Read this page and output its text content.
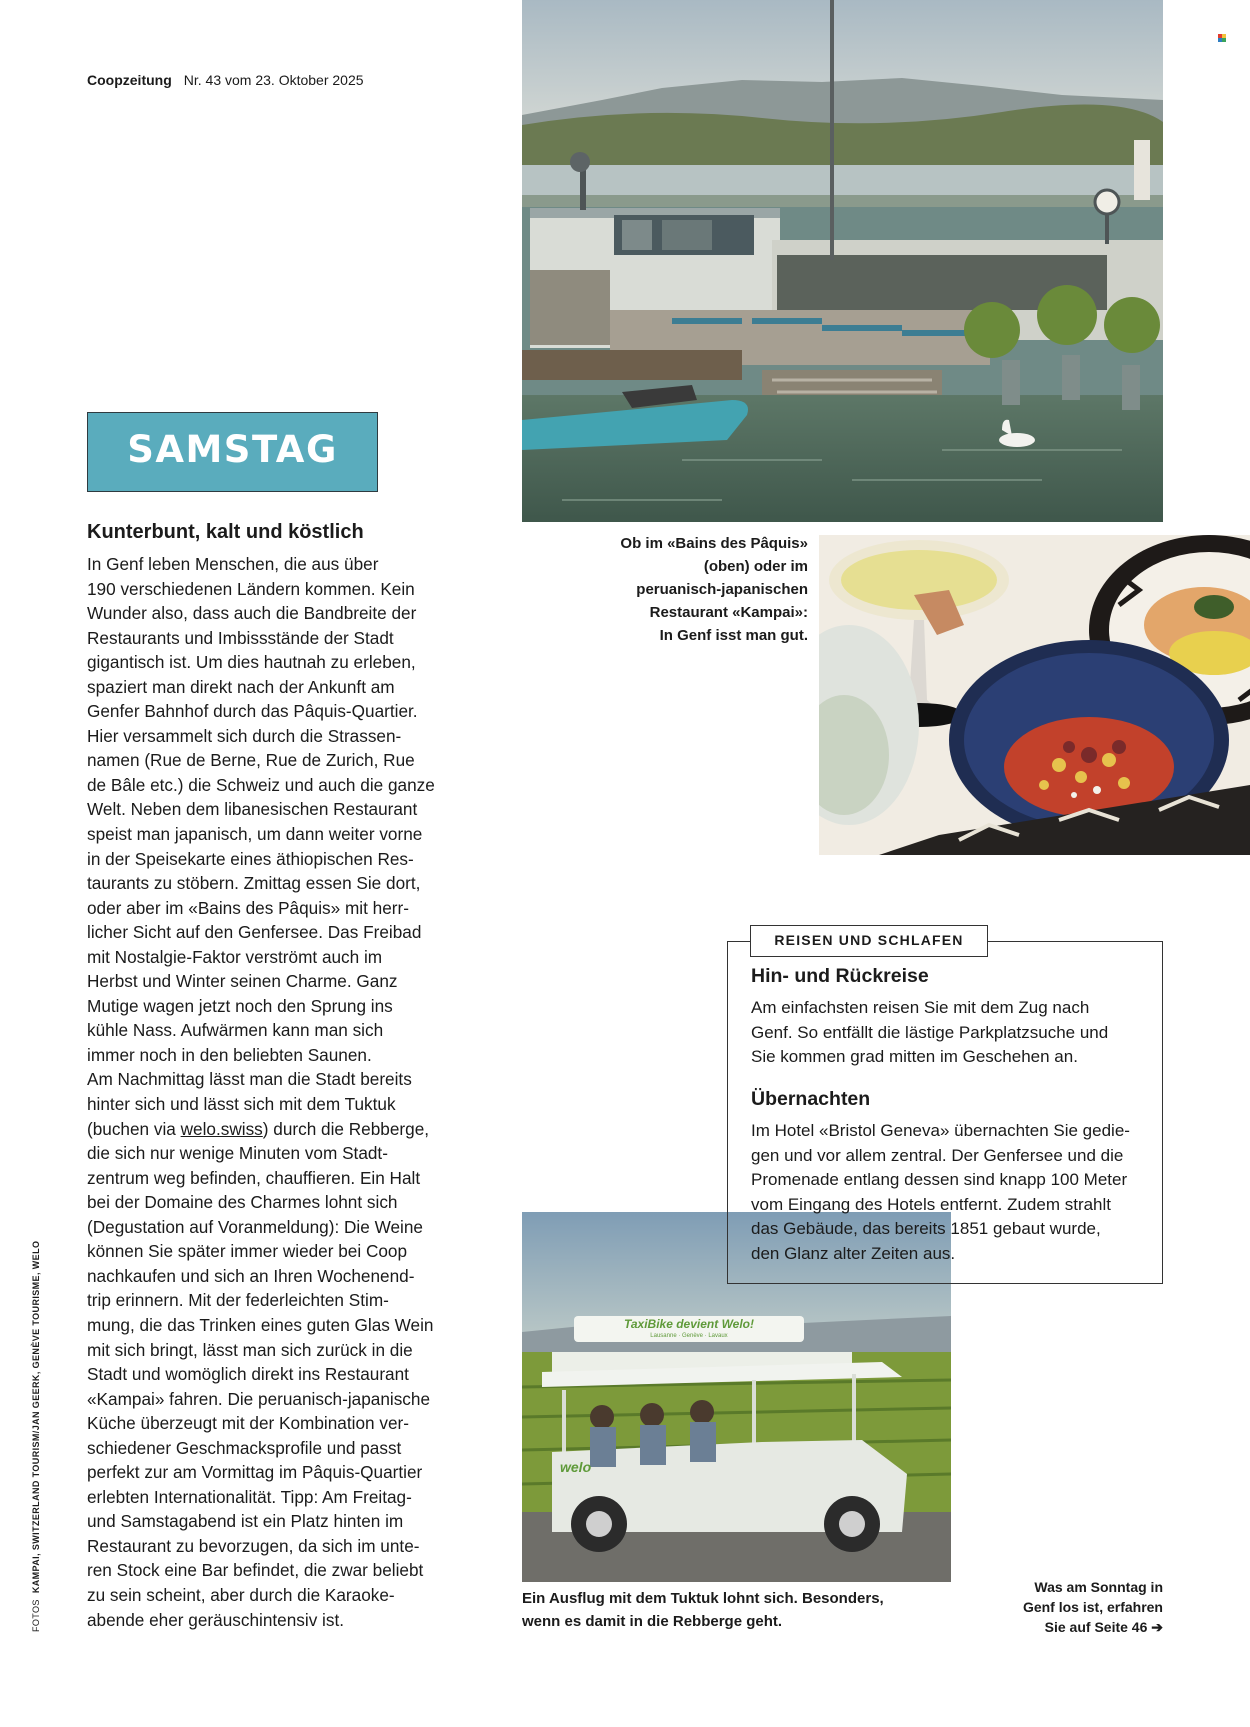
Coopzeitung Nr. 43 vom 23. Oktober 2025
TaxiBike devient Welo!
Lausanne · Genève · Lavaux
welo
SAMSTAG
Kunterbunt, kalt und köstlich
In Genf leben Menschen, die aus über
190 verschiedenen Ländern kommen. Kein
Wunder also, dass auch die Bandbreite der
Restaurants und Imbissstände der Stadt
gigantisch ist. Um dies hautnah zu erleben,
spaziert man direkt nach der Ankunft am
Genfer Bahnhof durch das Pâquis-Quartier.
Hier versammelt sich durch die Strassen-
namen (Rue de Berne, Rue de Zurich, Rue
de Bâle etc.) die Schweiz und auch die ganze
Welt. Neben dem libanesischen Restaurant
speist man japanisch, um dann weiter vorne
in der Speisekarte eines äthiopischen Res-
taurants zu stöbern. Zmittag essen Sie dort,
oder aber im «Bains des Pâquis» mit herr-
licher Sicht auf den Genfersee. Das Freibad
mit Nostalgie-Faktor verströmt auch im
Herbst und Winter seinen Charme. Ganz
Mutige wagen jetzt noch den Sprung ins
kühle Nass. Aufwärmen kann man sich
immer noch in den beliebten Saunen.
Am Nachmittag lässt man die Stadt bereits
hinter sich und lässt sich mit dem Tuktuk
(buchen via welo.swiss) durch die Rebberge,
die sich nur wenige Minuten vom Stadt-
zentrum weg befinden, chauffieren. Ein Halt
bei der Domaine des Charmes lohnt sich
(Degustation auf Voranmeldung): Die Weine
können Sie später immer wieder bei Coop
nachkaufen und sich an Ihren Wochenend-
trip erinnern. Mit der federleichten Stim-
mung, die das Trinken eines guten Glas Wein
mit sich bringt, lässt man sich zurück in die
Stadt und womöglich direkt ins Restaurant
«Kampai» fahren. Die peruanisch-japanische
Küche überzeugt mit der Kombination ver-
schiedener Geschmacksprofile und passt
perfekt zur am Vormittag im Pâquis-Quartier
erlebten Internationalität. Tipp: Am Freitag-
und Samstagabend ist ein Platz hinten im
Restaurant zu bevorzugen, da sich im unte-
ren Stock eine Bar befindet, die zwar beliebt
zu sein scheint, aber durch die Karaoke-
abende eher geräuschintensiv ist.
FOTOSKAMPAI, SWITZERLAND TOURISM/JAN GEERK, GENÈVE TOURISME, WELO
Ob im «Bains des Pâquis»
(oben) oder im
peruanisch-japanischen
Restaurant «Kampai»:
In Genf isst man gut.
Ein Ausflug mit dem Tuktuk lohnt sich. Besonders,
wenn es damit in die Rebberge geht.
Was am Sonntag in
Genf los ist, erfahren
Sie auf Seite 46 ➔
REISEN UND SCHLAFEN
Hin- und Rückreise
Am einfachsten reisen Sie mit dem Zug nach
Genf. So entfällt die lästige Parkplatzsuche und
Sie kommen grad mitten im Geschehen an.
Übernachten
Im Hotel «Bristol Geneva» übernachten Sie gedie-
gen und vor allem zentral. Der Genfersee und die
Promenade entlang dessen sind knapp 100 Meter
vom Eingang des Hotels entfernt. Zudem strahlt
das Gebäude, das bereits 1851 gebaut wurde,
den Glanz alter Zeiten aus.
